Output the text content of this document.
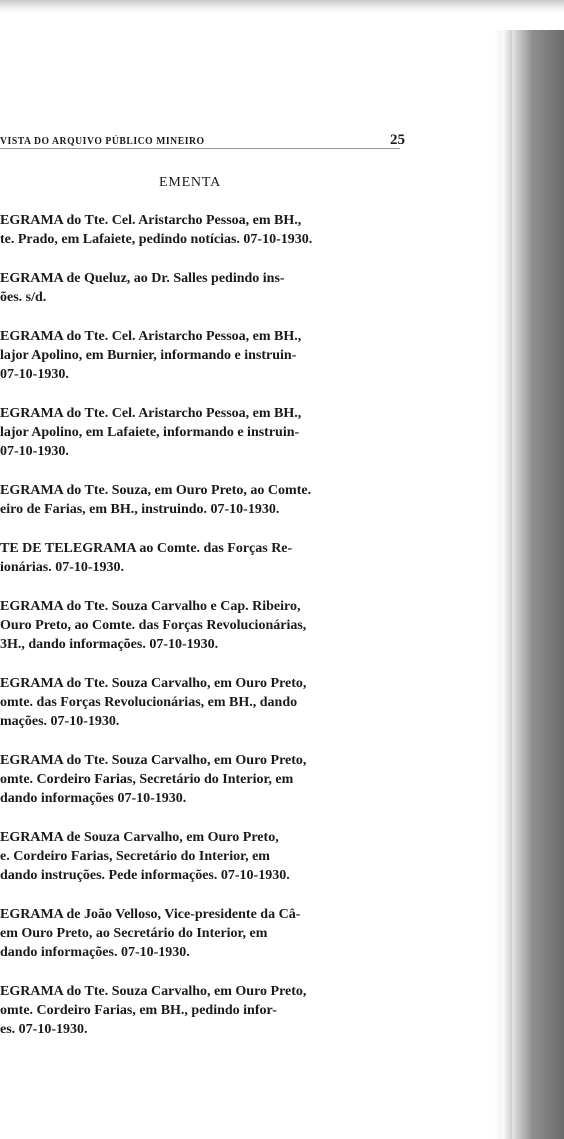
VISTA DO ARQUIVO PÚBLICO MINEIRO	25
EMENTA
EGRAMA do Tte. Cel. Aristarcho Pessoa, em BH.,
te. Prado, em Lafaiete, pedindo notícias. 07-10-1930.
EGRAMA de Queluz, ao Dr. Salles pedindo ins-
ões. s/d.
EGRAMA do Tte. Cel. Aristarcho Pessoa, em BH.,
lajor Apolino, em Burnier, informando e instruin-
07-10-1930.
EGRAMA do Tte. Cel. Aristarcho Pessoa, em BH.,
lajor Apolino, em Lafaiete, informando e instruin-
07-10-1930.
EGRAMA do Tte. Souza, em Ouro Preto, ao Comte.
eiro de Farias, em BH., instruindo. 07-10-1930.
TE DE TELEGRAMA ao Comte. das Forças Re-
ionárias. 07-10-1930.
EGRAMA do Tte. Souza Carvalho e Cap. Ribeiro,
Ouro Preto, ao Comte. das Forças Revolucionárias,
3H., dando informações. 07-10-1930.
EGRAMA do Tte. Souza Carvalho, em Ouro Preto,
omte. das Forças Revolucionárias, em BH., dando
mações. 07-10-1930.
EGRAMA do Tte. Souza Carvalho, em Ouro Preto,
omte. Cordeiro Farias, Secretário do Interior, em
dando informações 07-10-1930.
EGRAMA de Souza Carvalho, em Ouro Preto,
e. Cordeiro Farias, Secretário do Interior, em
dando instruções. Pede informações. 07-10-1930.
EGRAMA de João Velloso, Vice-presidente da Câ-
em Ouro Preto, ao Secretário do Interior, em
dando informações. 07-10-1930.
EGRAMA do Tte. Souza Carvalho, em Ouro Preto,
omte. Cordeiro Farias, em BH., pedindo infor-
es. 07-10-1930.
